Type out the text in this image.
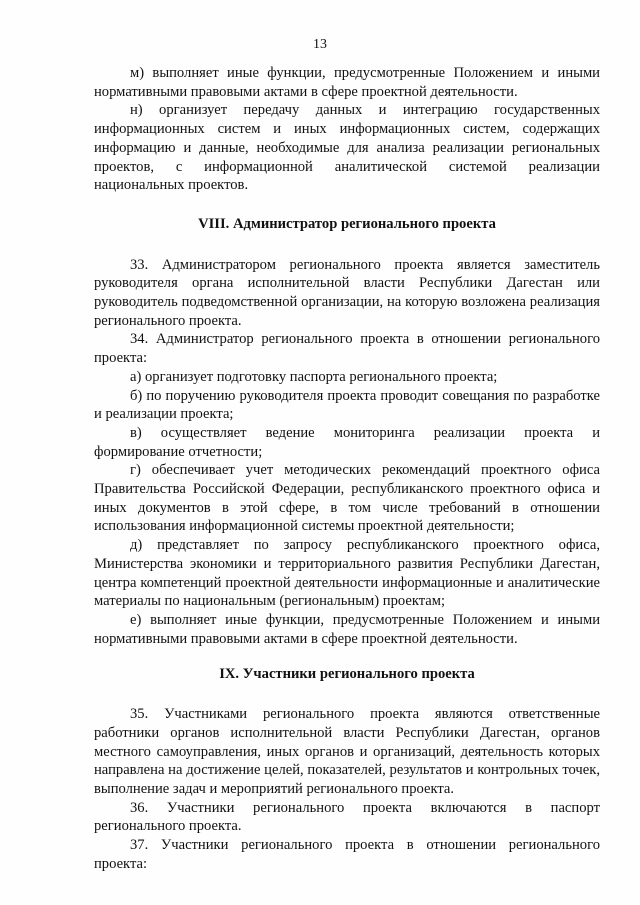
13

м) выполняет иные функции, предусмотренные Положением и иными нормативными правовыми актами в сфере проектной деятельности.

н) организует передачу данных и интеграцию государственных информационных систем и иных информационных систем, содержащих информацию и данные, необходимые для анализа реализации региональных проектов, с информационной аналитической системой реализации национальных проектов.

VIII. Администратор регионального проекта

33. Администратором регионального проекта является заместитель руководителя органа исполнительной власти Республики Дагестан или руководитель подведомственной организации, на которую возложена реализация регионального проекта.

34. Администратор регионального проекта в отношении регионального проекта:

а) организует подготовку паспорта регионального проекта;

б) по поручению руководителя проекта проводит совещания по разработке и реализации проекта;

в) осуществляет ведение мониторинга реализации проекта и формирование отчетности;

г) обеспечивает учет методических рекомендаций проектного офиса Правительства Российской Федерации, республиканского проектного офиса и иных документов в этой сфере, в том числе требований в отношении использования информационной системы проектной деятельности;

д) представляет по запросу республиканского проектного офиса, Министерства экономики и территориального развития Республики Дагестан, центра компетенций проектной деятельности информационные и аналитические материалы по национальным (региональным) проектам;

е) выполняет иные функции, предусмотренные Положением и иными нормативными правовыми актами в сфере проектной деятельности.

IX. Участники регионального проекта

35. Участниками регионального проекта являются ответственные работники органов исполнительной власти Республики Дагестан, органов местного самоуправления, иных органов и организаций, деятельность которых направлена на достижение целей, показателей, результатов и контрольных точек, выполнение задач и мероприятий регионального проекта.

36. Участники регионального проекта включаются в паспорт регионального проекта.

37. Участники регионального проекта в отношении регионального проекта:
